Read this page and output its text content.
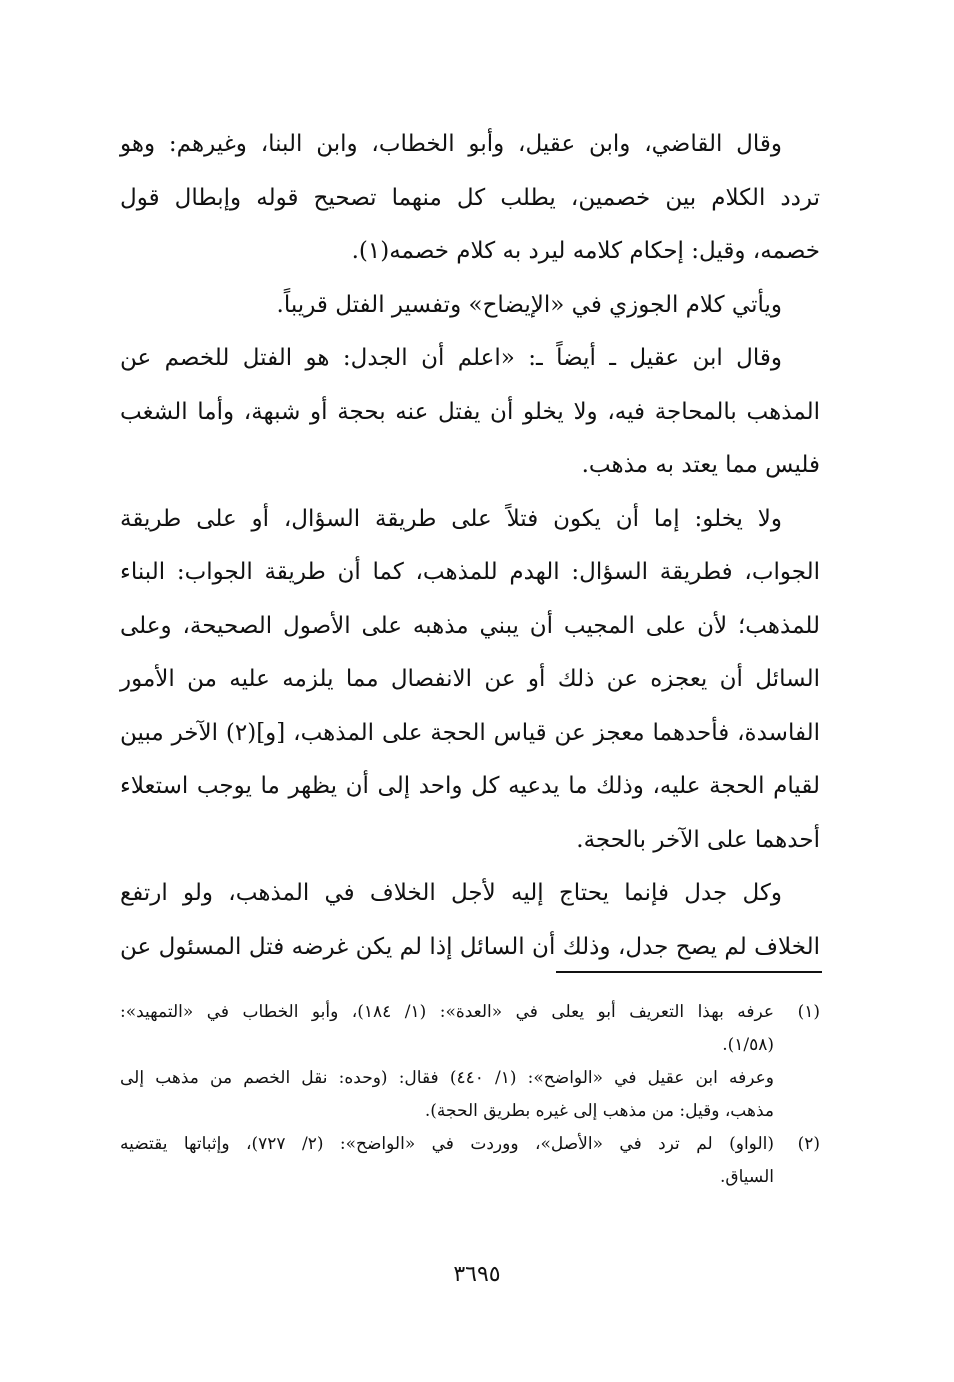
وقال القاضي، وابن عقيل، وأبو الخطاب، وابن البنا، وغيرهم: وهو
تردد الكلام بين خصمين، يطلب كل منهما تصحيح قوله وإبطال قول
خصمه، وقيل: إحكام كلامه ليرد به كلام خصمه(١).
ويأتي كلام الجوزي في «الإيضاح» وتفسير الفتل قريباً.
وقال ابن عقيل ـ أيضاً ـ: «اعلم أن الجدل: هو الفتل للخصم عن
المذهب بالمحاجة فيه، ولا يخلو أن يفتل عنه بحجة أو شبهة، وأما الشغب
فليس مما يعتد به مذهب.
ولا يخلو: إما أن يكون فتلاً على طريقة السؤال، أو على طريقة
الجواب، فطريقة السؤال: الهدم للمذهب، كما أن طريقة الجواب: البناء
للمذهب؛ لأن على المجيب أن يبني مذهبه على الأصول الصحيحة، وعلى
السائل أن يعجزه عن ذلك أو عن الانفصال مما يلزمه عليه من الأمور
الفاسدة، فأحدهما معجز عن قياس الحجة على المذهب، [و](٢) الآخر مبين
لقيام الحجة عليه، وذلك ما يدعيه كل واحد إلى أن يظهر ما يوجب استعلاء
أحدهما على الآخر بالحجة.
وكل جدل فإنما يحتاج إليه لأجل الخلاف في المذهب، ولو ارتفع
الخلاف لم يصح جدل، وذلك أن السائل إذا لم يكن غرضه فتل المسئول عن
(١)
عرفه بهذا التعريف أبو يعلى في «العدة»: (١/ ١٨٤)، وأبو الخطاب في «التمهيد»:
(١/٥٨).
وعرفه ابن عقيل في «الواضح»: (١/ ٤٤٠) فقال: (وحده: نقل الخصم من مذهب إلى
مذهب، وقيل: من مذهب إلى غيره بطريق الحجة).
(٢)
(الواو) لم ترد في «الأصل»، ووردت في «الواضح»: (٢/ ٧٢٧)، وإثباتها يقتضيه
السياق.
٣٦٩٥
